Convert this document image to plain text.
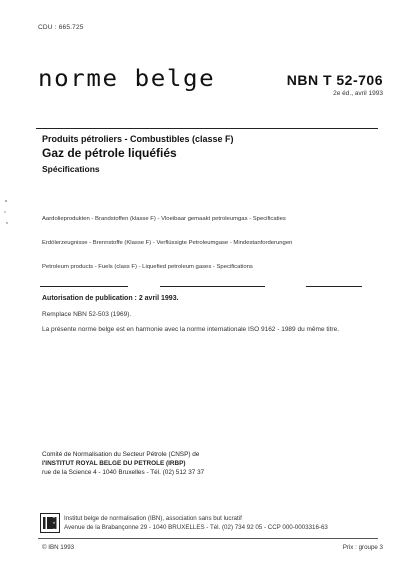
CDU : 665.725
norme belge	NBN T 52-706
2e éd., avril 1993
Produits pétroliers - Combustibles (classe F)
Gaz de pétrole liquéfiés
Spécifications
Aardolieprodukten - Brandstoffen (klasse F) - Vloeibaar gemaakt petroleumgas - Specificaties
Erdölerzeugnisse - Brennstoffe (Klasse F) - Verflüssigte Petroleumgase - Mindestanforderungen
Petroleum products - Fuels (class F) - Liquefied petroleum gases - Specifications
Autorisation de publication : 2 avril 1993.
Remplace NBN 52-503 (1969).
La présente norme belge est en harmonie avec la norme internationale ISO 9162 - 1989 du même titre.
Comité de Normalisation du Secteur Pétrole (CNSP) de
l'INSTITUT ROYAL BELGE DU PETROLE (IRBP)
rue de la Science 4 - 1040 Bruxelles - Tél. (02) 512 37 37
Institut belge de normalisation (IBN), association sans but lucratif
Avenue de la Brabançonne 29 - 1040 BRUXELLES - Tél. (02) 734 92 05 - CCP 000-0003316-63
© IBN 1993	Prix : groupe 3
